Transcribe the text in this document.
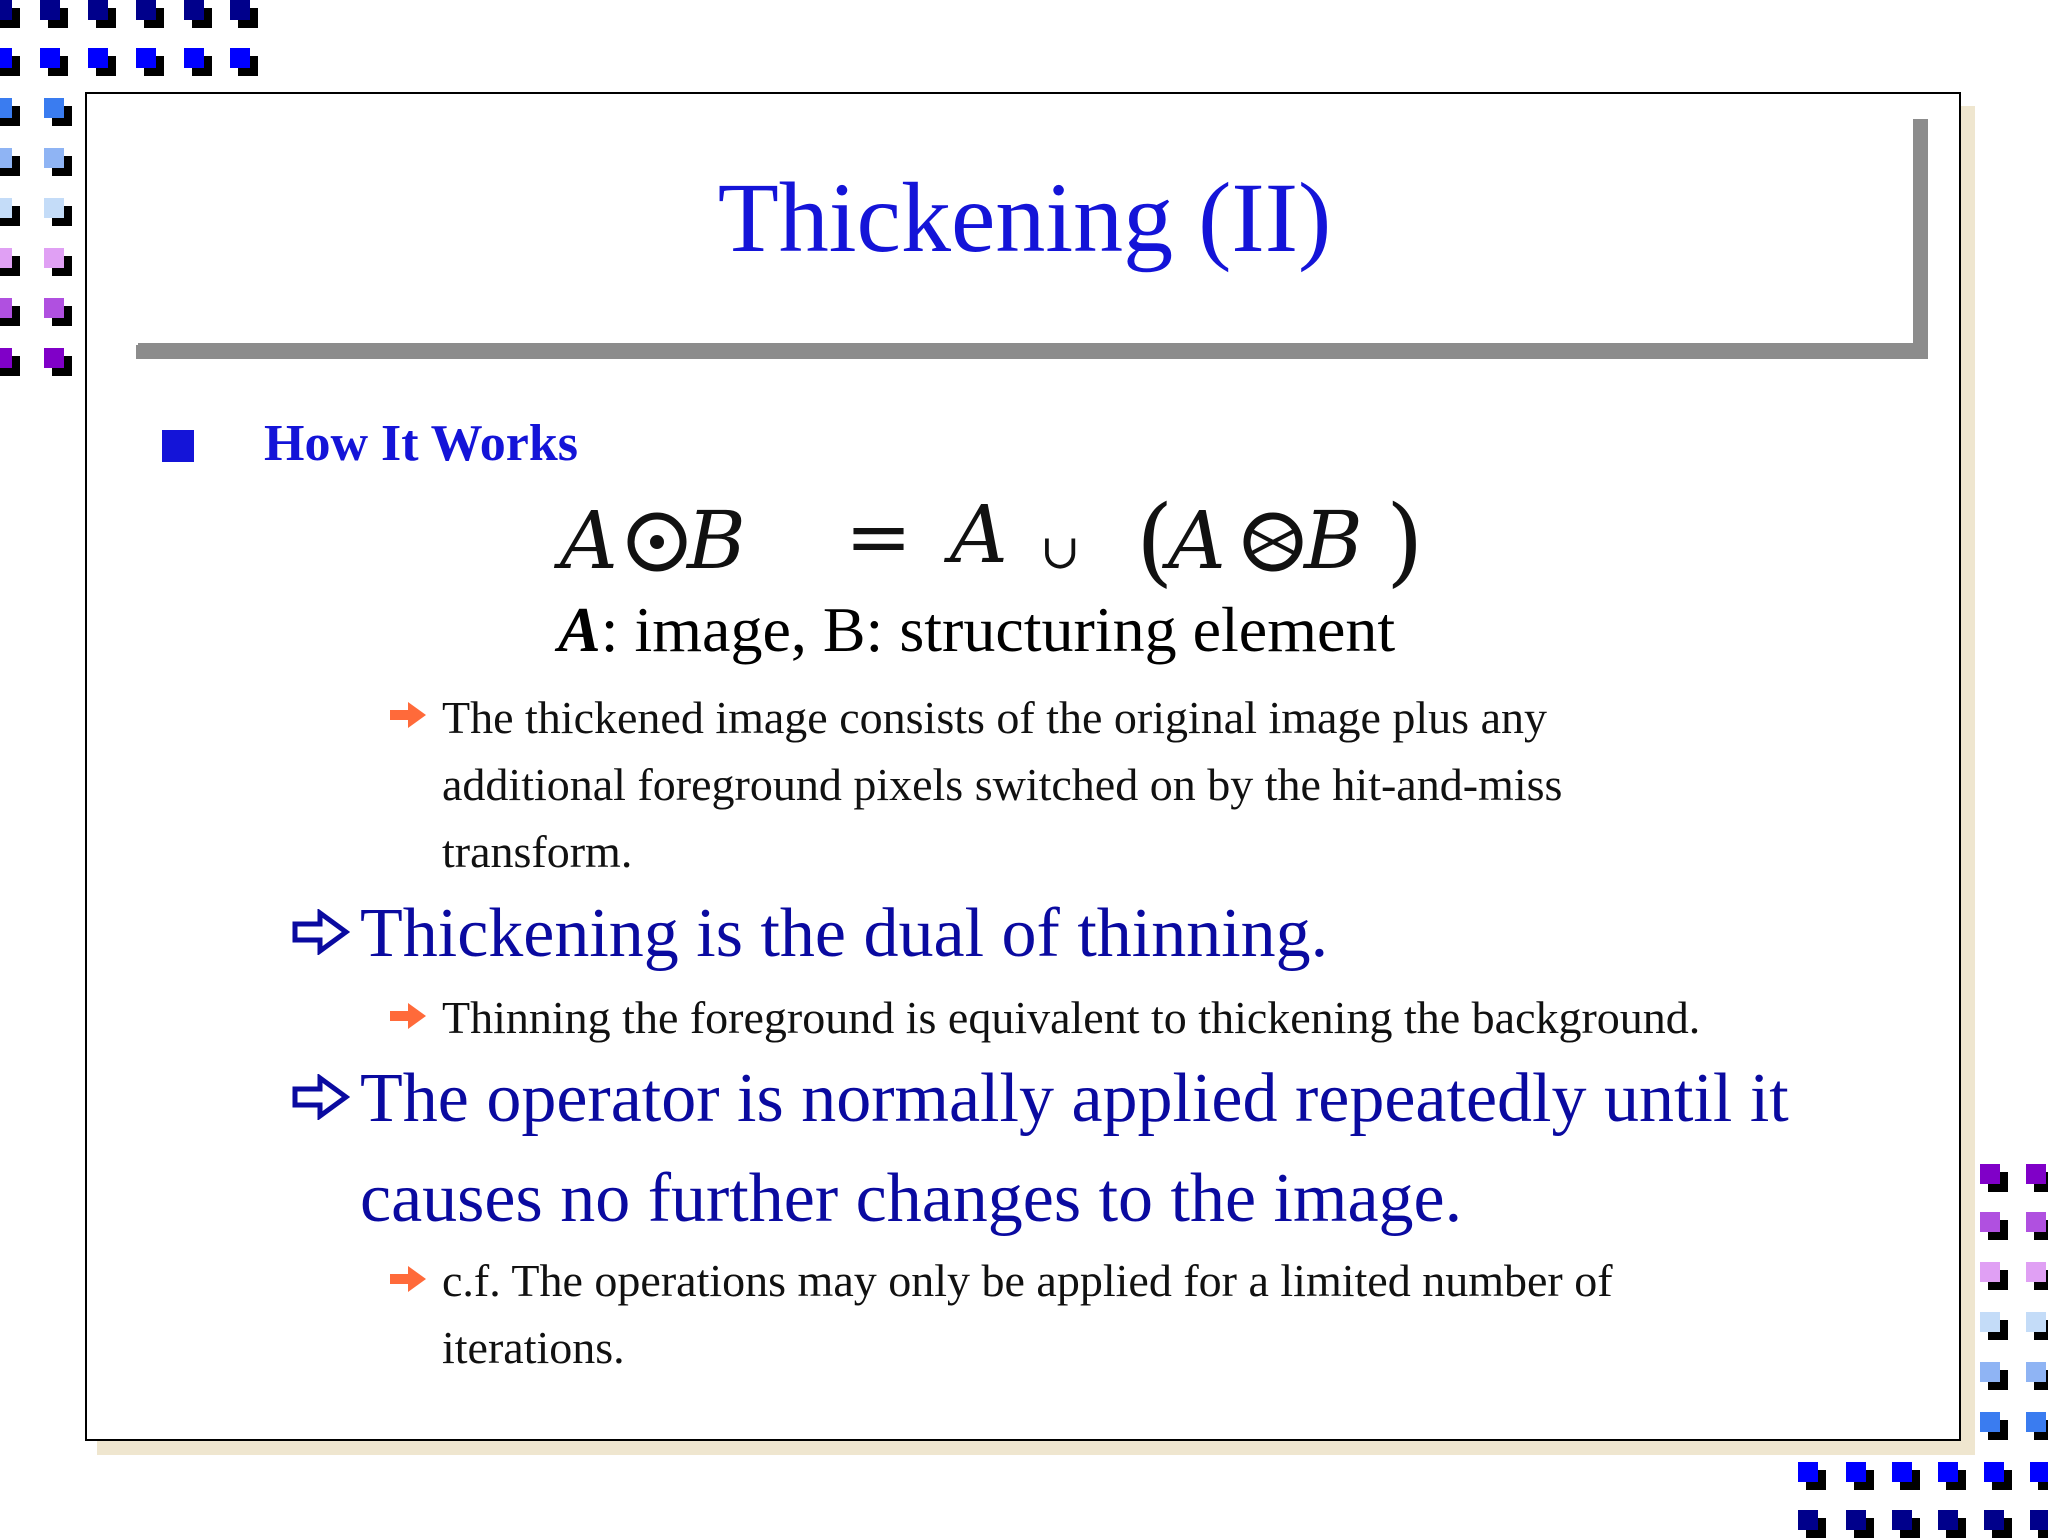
Thickening (II)
How It Works
A B = A ∪ (
A B )
A: image, B: structuring element
The thickened image consists of the original image plus any
additional foreground pixels switched on by the hit-and-miss
transform.
Thickening is the dual of thinning.
Thinning the foreground is equivalent to thickening the background.
The operator is normally applied repeatedly until it
causes no further changes to the image.
c.f. The operations may only be applied for a limited number of
iterations.
